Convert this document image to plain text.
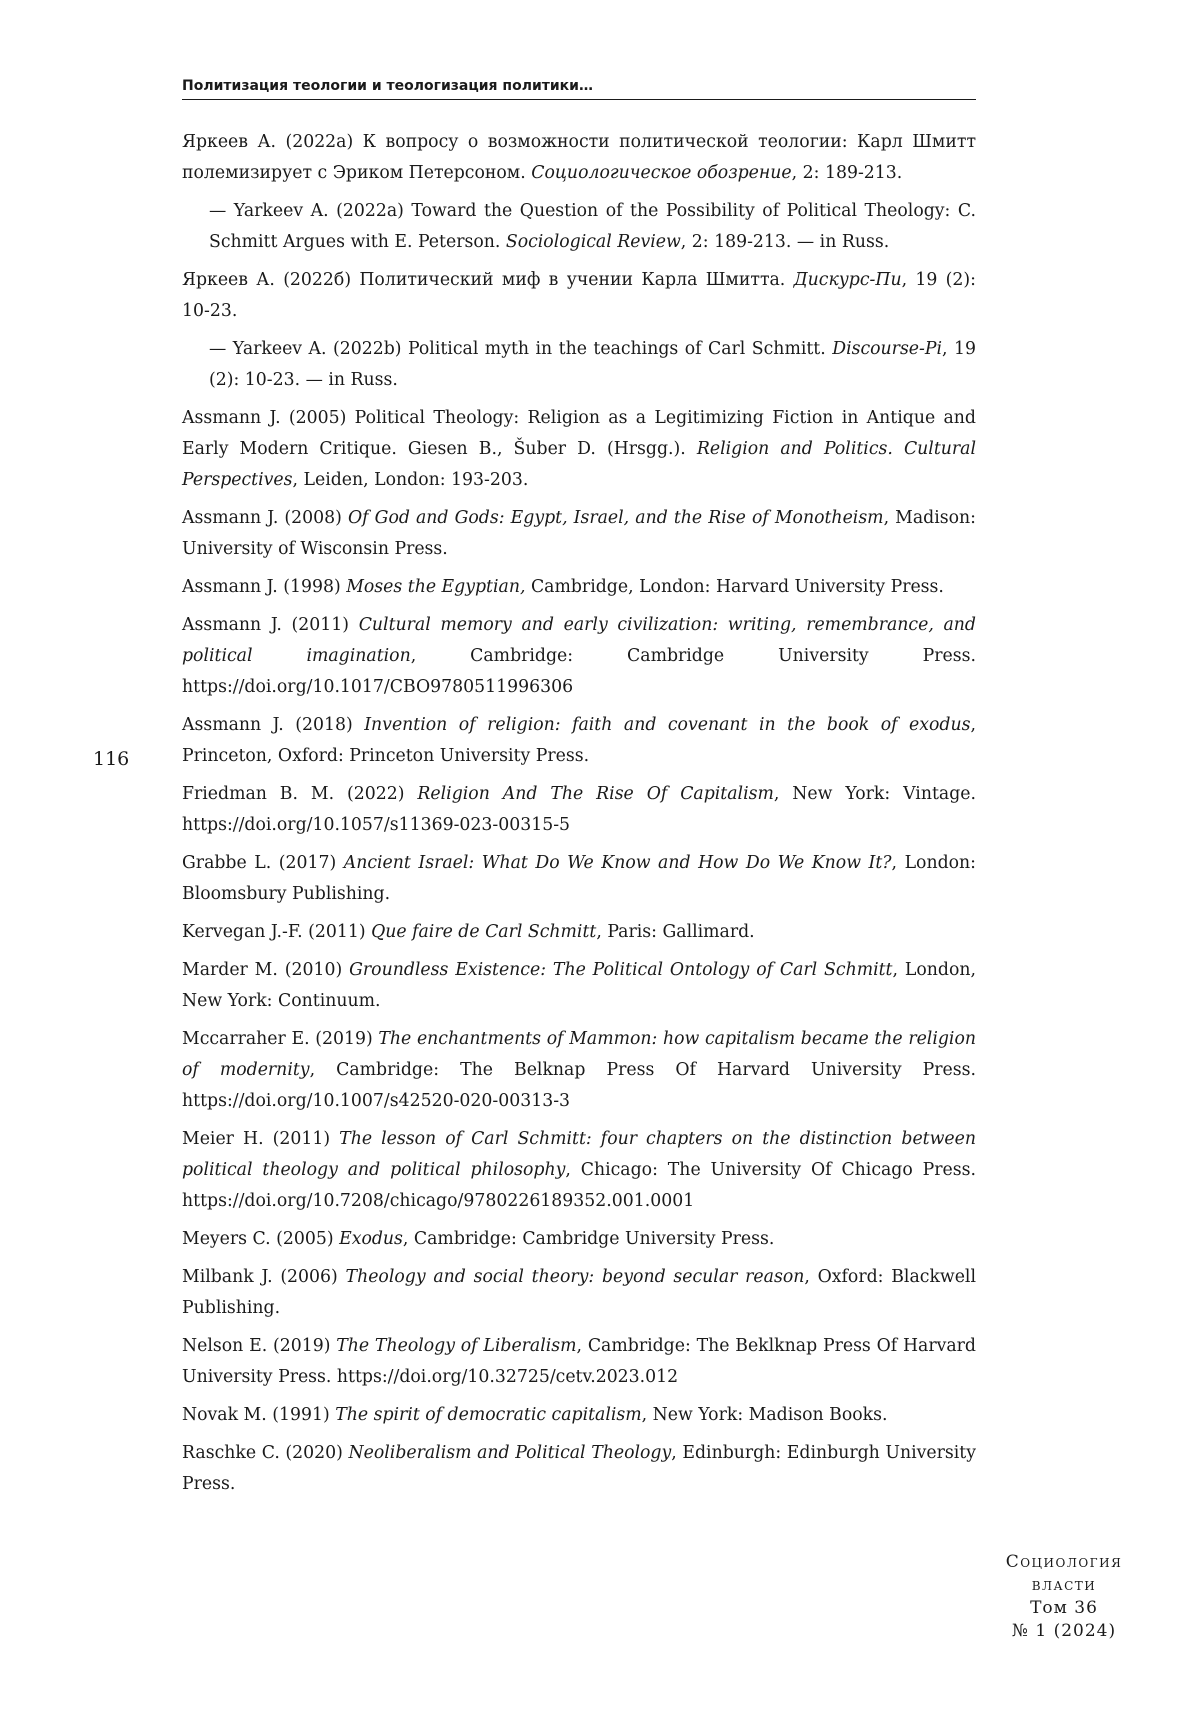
Политизация теологии и теологизация политики…
116

Яркеев А. (2022a) К вопросу о возможности политической теологии: Карл Шмитт полемизирует с Эриком Петерсоном. Социологическое обозрение, 2: 189-213.

— Yarkeev A. (2022a) Toward the Question of the Possibility of Political Theology: C. Schmitt Argues with E. Peterson. Sociological Review, 2: 189-213. — in Russ.

Яркеев А. (2022б) Политический миф в учении Карла Шмитта. Дискурс-Пи, 19 (2): 10-23.

— Yarkeev A. (2022b) Political myth in the teachings of Carl Schmitt. Discourse-Pi, 19 (2): 10-23. — in Russ.

Assmann J. (2005) Political Theology: Religion as a Legitimizing Fiction in Antique and Early Modern Critique. Giesen B., Šuber D. (Hrsgg.). Religion and Politics. Cultural Perspectives, Leiden, London: 193-203.

Assmann J. (2008) Of God and Gods: Egypt, Israel, and the Rise of Monotheism, Madison: University of Wisconsin Press.

Assmann J. (1998) Moses the Egyptian, Cambridge, London: Harvard University Press.

Assmann J. (2011) Cultural memory and early civilization: writing, remembrance, and political imagination, Cambridge: Cambridge University Press. https://doi.org/10.1017/CBO9780511996306

Assmann J. (2018) Invention of religion: faith and covenant in the book of exodus, Princeton, Oxford: Princeton University Press.

Friedman B. M. (2022) Religion And The Rise Of Capitalism, New York: Vintage. https://doi.org/10.1057/s11369-023-00315-5

Grabbe L. (2017) Ancient Israel: What Do We Know and How Do We Know It?, London: Bloomsbury Publishing.

Kervegan J.-F. (2011) Que faire de Carl Schmitt, Paris: Gallimard.

Marder M. (2010) Groundless Existence: The Political Ontology of Carl Schmitt, London, New York: Continuum.

Mccarraher E. (2019) The enchantments of Mammon: how capitalism became the religion of modernity, Cambridge: The Belknap Press Of Harvard University Press. https://doi.org/10.1007/s42520-020-00313-3

Meier H. (2011) The lesson of Carl Schmitt: four chapters on the distinction between political theology and political philosophy, Chicago: The University Of Chicago Press. https://doi.org/10.7208/chicago/9780226189352.001.0001

Meyers C. (2005) Exodus, Cambridge: Cambridge University Press.

Milbank J. (2006) Theology and social theory: beyond secular reason, Oxford: Blackwell Publishing.

Nelson E. (2019) The Theology of Liberalism, Cambridge: The Beklknap Press Of Harvard University Press. https://doi.org/10.32725/cetv.2023.012

Novak M. (1991) The spirit of democratic capitalism, New York: Madison Books.

Raschke C. (2020) Neoliberalism and Political Theology, Edinburgh: Edinburgh University Press.

Социология
власти
Том 36
№ 1 (2024)
